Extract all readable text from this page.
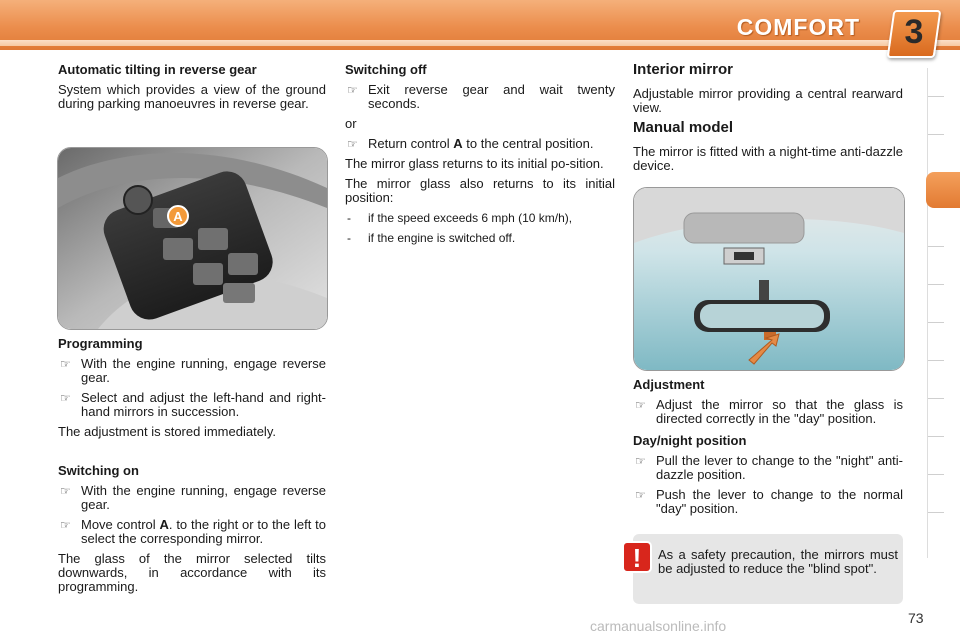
COMFORT	3
Automatic tilting in reverse gear

System which provides a view of the ground during parking manoeuvres in reverse gear.

A
Programming
☞ With the engine running, engage reverse gear.
☞ Select and adjust the left-hand and right-hand mirrors in succession.

The adjustment is stored immediately.

Switching on
☞ With the engine running, engage reverse gear.
☞ Move control A. to the right or to the left to select the corresponding mirror.

The glass of the mirror selected tilts downwards, in accordance with its programming.

Switching off
☞ Exit reverse gear and wait twenty seconds.

or

☞ Return control A to the central position.

The mirror glass returns to its initial po-sition.

The mirror glass also returns to its initial position:

- if the speed exceeds 6 mph (10 km/h),
- if the engine is switched off.
Interior mirror

Adjustable mirror providing a central rearward view.

Manual model

The mirror is fitted with a night-time anti-dazzle device.

Adjustment
☞ Adjust the mirror so that the glass is directed correctly in the "day" position.
Day/night position
☞ Pull the lever to change to the "night" anti-dazzle position.
☞ Push the lever to change to the normal "day" position.
! As a safety precaution, the mirrors must be adjusted to reduce the "blind spot".
carmanualsonline.info	73
